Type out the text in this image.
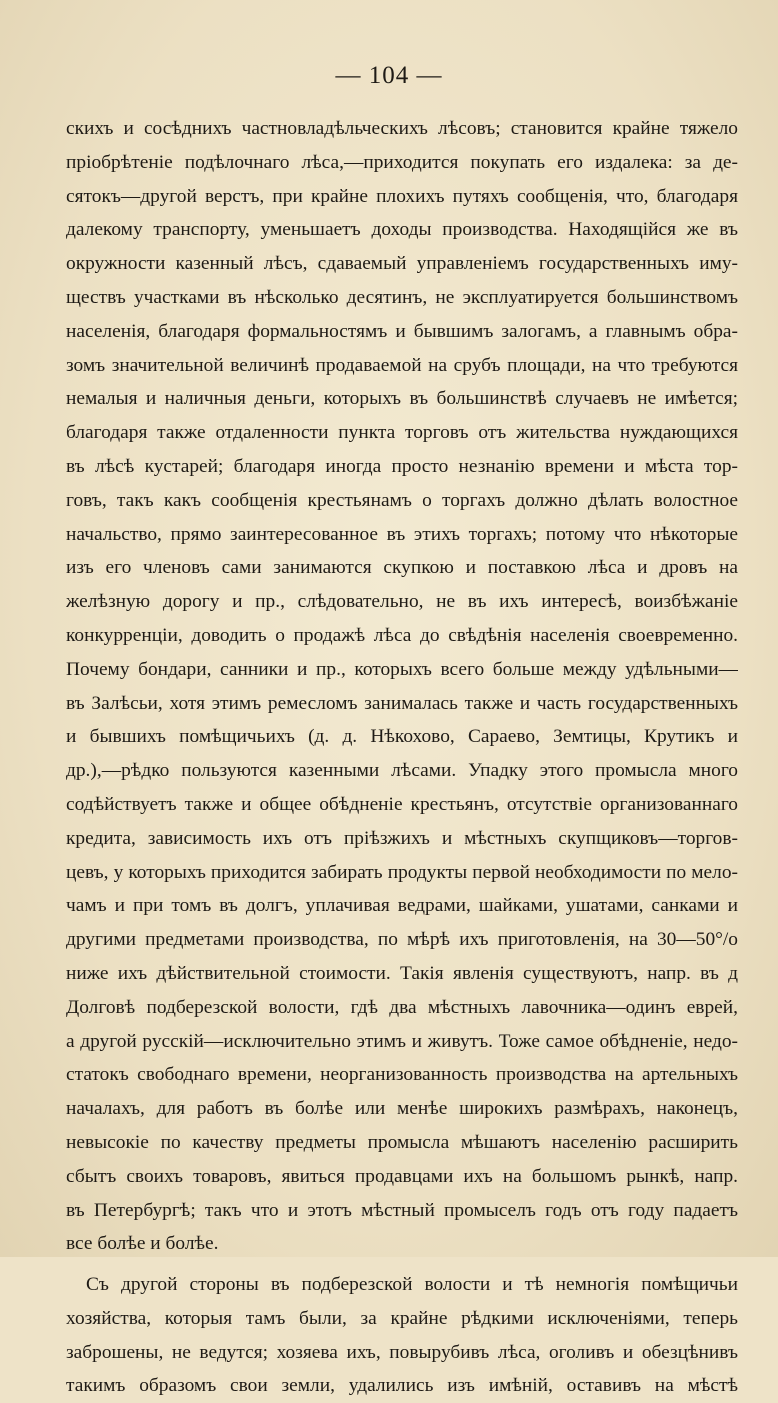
— 104 —
скихъ и сосѣднихъ частновладѣльческихъ лѣсовъ; становится крайне тяжело
пріобрѣтеніе подѣлочнаго лѣса,—приходится покупать его издалека: за де-
сятокъ—другой верстъ, при крайне плохихъ путяхъ сообщенія, что, благодаря
далекому транспорту, уменьшаетъ доходы производства. Находящійся же въ
окружности казенный лѣсъ, сдаваемый управленіемъ государственныхъ иму-
ществъ участками въ нѣсколько десятинъ, не эксплуатируется большинствомъ
населенія, благодаря формальностямъ и бывшимъ залогамъ, а главнымъ обра-
зомъ значительной величинѣ продаваемой на срубъ площади, на что требуются
немалыя и наличныя деньги, которыхъ въ большинствѣ случаевъ не имѣется;
благодаря также отдаленности пункта торговъ отъ жительства нуждающихся
въ лѣсѣ кустарей; благодаря иногда просто незнанію времени и мѣста тор-
говъ, такъ какъ сообщенія крестьянамъ о торгахъ должно дѣлать волостное
начальство, прямо заинтересованное въ этихъ торгахъ; потому что нѣкоторые
изъ его членовъ сами занимаются скупкою и поставкою лѣса и дровъ на
желѣзную дорогу и пр., слѣдовательно, не въ ихъ интересѣ, воизбѣжаніе
конкурренціи, доводить о продажѣ лѣса до свѣдѣнія населенія своевременно.
Почему бондари, санники и пр., которыхъ всего больше между удѣльными—
въ Залѣсьи, хотя этимъ ремесломъ занималась также и часть государственныхъ
и бывшихъ помѣщичьихъ (д. д. Нѣкохово, Сараево, Земтицы, Крутикъ и
др.),—рѣдко пользуются казенными лѣсами. Упадку этого промысла много
содѣйствуетъ также и общее обѣдненіе крестьянъ, отсутствіе организованнаго
кредита, зависимость ихъ отъ пріѣзжихъ и мѣстныхъ скупщиковъ—торгов-
цевъ, у которыхъ приходится забирать продукты первой необходимости по мело-
чамъ и при томъ въ долгъ, уплачивая ведрами, шайками, ушатами, санками и
другими предметами производства, по мѣрѣ ихъ приготовленія, на 30—50°/о
ниже ихъ дѣйствительной стоимости. Такія явленія существуютъ, напр. въ д
Долговѣ подберезской волости, гдѣ два мѣстныхъ лавочника—одинъ еврей,
а другой русскій—исключительно этимъ и живутъ. Тоже самое обѣдненіе, недо-
статокъ свободнаго времени, неорганизованность производства на артельныхъ
началахъ, для работъ въ болѣе или менѣе широкихъ размѣрахъ, наконецъ,
невысокіе по качеству предметы промысла мѣшаютъ населенію расширить
сбытъ своихъ товаровъ, явиться продавцами ихъ на большомъ рынкѣ, напр.
въ Петербургѣ; такъ что и этотъ мѣстный промыселъ годъ отъ году падаетъ
все болѣе и болѣе.
Съ другой стороны въ подберезской волости и тѣ немногія помѣщичьи
хозяйства, которыя тамъ были, за крайне рѣдкими исключеніями, теперь
заброшены, не ведутся; хозяева ихъ, повырубивъ лѣса, оголивъ и обезцѣнивъ
такимъ образомъ свои земли, удалились изъ имѣній, оставивъ на мѣстѣ
